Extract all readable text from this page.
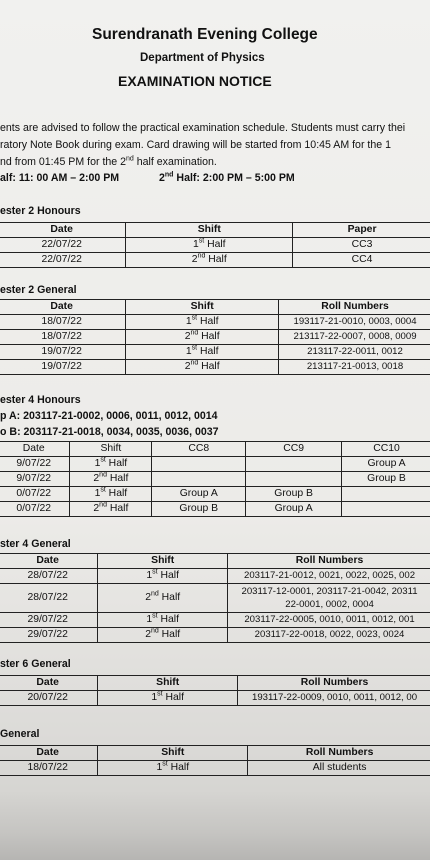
Surendranath Evening College
Department of Physics
EXAMINATION NOTICE
ents are advised to follow the practical examination schedule. Students must carry thei
ratory Note Book during exam. Card drawing will be started from 10:45 AM for the 1
nd from 01:45 PM for the 2nd half examination.
alf: 11: 00 AM – 2:00 PM	2nd Half: 2:00 PM – 5:00 PM
ester 2 Honours
Date	Shift	Paper
22/07/22	1st Half	CC3
22/07/22	2nd Half	CC4
ester 2 General
Date	Shift	Roll Numbers
18/07/22	1st Half	193117-21-0010, 0003, 0004
18/07/22	2nd Half	213117-22-0007, 0008, 0009
19/07/22	1st Half	213117-22-0011, 0012
19/07/22	2nd Half	213117-21-0013, 0018
ester 4 Honours
p A: 203117-21-0002, 0006, 0011, 0012, 0014
o B: 203117-21-0018, 0034, 0035, 0036, 0037
Date	Shift	CC8	CC9	CC10
9/07/22	1st Half			Group A
9/07/22	2nd Half			Group B
0/07/22	1st Half	Group A	Group B	
0/07/22	2nd Half	Group B	Group A	
ster 4 General
Date	Shift	Roll Numbers
28/07/22	1st Half	203117-21-0012, 0021, 0022, 0025, 002
28/07/22	2nd Half	203117-12-0001, 203117-21-0042, 20311
22-0001, 0002, 0004
29/07/22	1st Half	203117-22-0005, 0010, 0011, 0012, 001
29/07/22	2nd Half	203117-22-0018, 0022, 0023, 0024
ster 6 General
Date	Shift	Roll Numbers
20/07/22	1st Half	193117-22-0009, 0010, 0011, 0012, 00
General
Date	Shift	Roll Numbers
18/07/22	1st Half	All students
